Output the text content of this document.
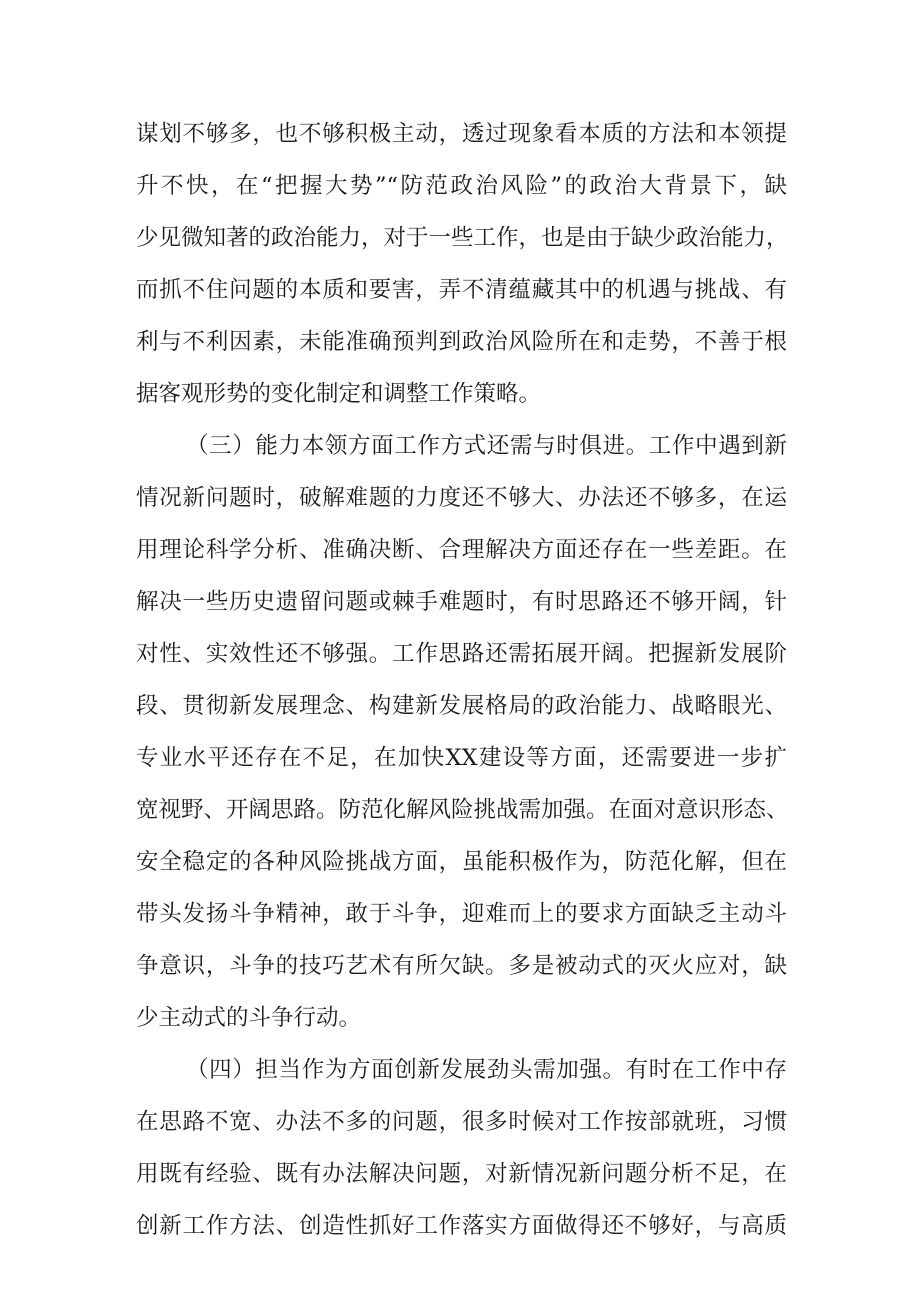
谋划不够多，也不够积极主动，透过现象看本质的方法和本领提
升不快，在“把握大势”“防范政治风险”的政治大背景下，缺
少见微知著的政治能力，对于一些工作，也是由于缺少政治能力，
而抓不住问题的本质和要害，弄不清蕴藏其中的机遇与挑战、有
利与不利因素，未能准确预判到政治风险所在和走势，不善于根
据客观形势的变化制定和调整工作策略。
（三）能力本领方面工作方式还需与时俱进。工作中遇到新
情况新问题时，破解难题的力度还不够大、办法还不够多，在运
用理论科学分析、准确决断、合理解决方面还存在一些差距。在
解决一些历史遗留问题或棘手难题时，有时思路还不够开阔，针
对性、实效性还不够强。工作思路还需拓展开阔。把握新发展阶
段、贯彻新发展理念、构建新发展格局的政治能力、战略眼光、
专业水平还存在不足，在加快XX建设等方面，还需要进一步扩
宽视野、开阔思路。防范化解风险挑战需加强。在面对意识形态、
安全稳定的各种风险挑战方面，虽能积极作为，防范化解，但在
带头发扬斗争精神，敢于斗争，迎难而上的要求方面缺乏主动斗
争意识，斗争的技巧艺术有所欠缺。多是被动式的灭火应对，缺
少主动式的斗争行动。
（四）担当作为方面创新发展劲头需加强。有时在工作中存
在思路不宽、办法不多的问题，很多时候对工作按部就班，习惯
用既有经验、既有办法解决问题，对新情况新问题分析不足，在
创新工作方法、创造性抓好工作落实方面做得还不够好，与高质
